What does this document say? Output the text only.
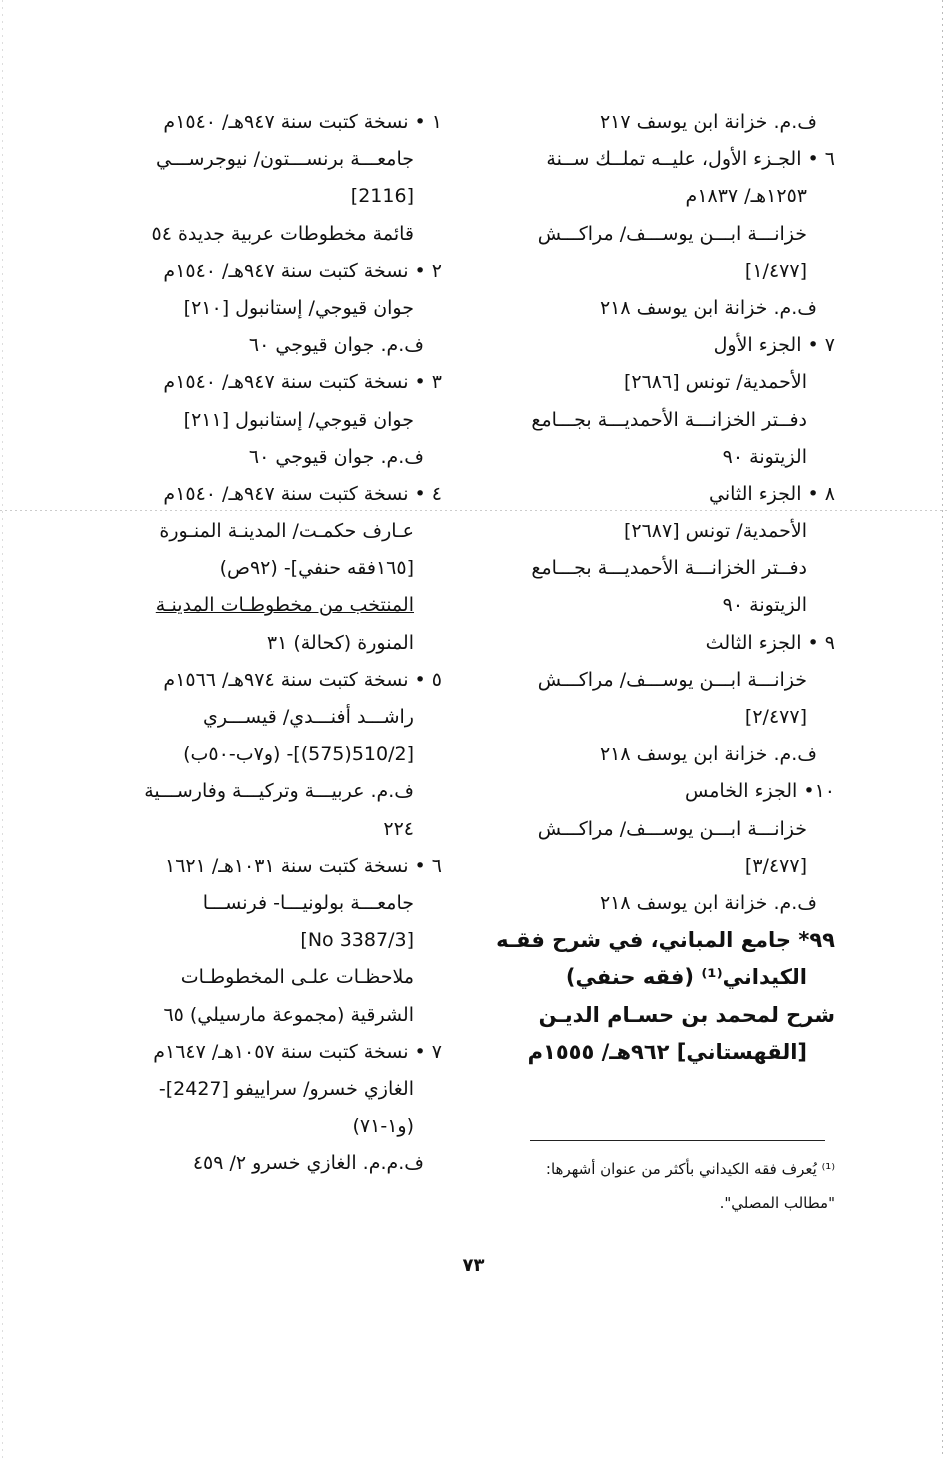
ف.م. خزانة ابن يوسف ٢١٧
٦ • الجـزء الأول، عليــه تملــك ســنة
١٢٥٣هـ/ ١٨٣٧م
خزانـــة ابـــن يوســـف/ مراكـــش
[١/٤٧٧]
ف.م. خزانة ابن يوسف ٢١٨
٧ • الجزء الأول
الأحمدية/ تونس [٢٦٨٦]
دفــتر الخزانـــة الأحمديـــة بجـــامع
الزيتونة ٩٠
٨ • الجزء الثاني
الأحمدية/ تونس [٢٦٨٧]
دفــتر الخزانـــة الأحمديـــة بجـــامع
الزيتونة ٩٠
٩ • الجزء الثالث
خزانـــة ابـــن يوســـف/ مراكـــش
[٢/٤٧٧]
ف.م. خزانة ابن يوسف ٢١٨
١٠• الجزء الخامس
خزانـــة ابـــن يوســـف/ مراكـــش
[٣/٤٧٧]
ف.م. خزانة ابن يوسف ٢١٨
٩٩* جامع المباني، في شرح فقـه
الكيداني⁽¹⁾ (فقه حنفي)
شرح لمحمد بن حسـام الديـن
[القهستاني] ٩٦٢هـ/ ١٥٥٥م
١ • نسخة كتبت سنة ٩٤٧هـ/ ١٥٤٠م
جامعـــة برنســـتون/ نيوجرســـي
[2116]
قائمة مخطوطات عربية جديدة ٥٤
٢ • نسخة كتبت سنة ٩٤٧هـ/ ١٥٤٠م
جوان قيوجي/ إستانبول [٢١٠]
ف.م. جوان قيوجي ٦٠
٣ • نسخة كتبت سنة ٩٤٧هـ/ ١٥٤٠م
جوان قيوجي/ إستانبول [٢١١]
ف.م. جوان قيوجي ٦٠
٤ • نسخة كتبت سنة ٩٤٧هـ/ ١٥٤٠م
عـارف حكمـت/ المدينـة المنـورة
[١٦٥فقه حنفي]- (٩٢ص)
المنتخب من مخطوطـات المدينـة
المنورة (كحالة) ٣١
٥ • نسخة كتبت سنة ٩٧٤هـ/ ١٥٦٦م
راشـــد أفنـــدي/ قيســـري
[510/2(575)]- (و٧ب-٥٠ب)
ف.م. عربيـــة وتركيـــة وفارســـية
٢٢٤
٦ • نسخة كتبت سنة ١٠٣١هـ/ ١٦٢١
جامعـــة بولونيـــا- فرنســـا
[No 3387/3]
ملاحظـات علـى المخطوطـات
الشرقية (مجموعة مارسيلي) ٦٥
٧ • نسخة كتبت سنة ١٠٥٧هـ/ ١٦٤٧م
الغازي خسرو/ سراييفو [2427]-
(و١-٧١)
ف.م.م. الغازي خسرو ٢/ ٤٥٩	⁽¹⁾ يُعرف فقه الكيداني بأكثر من عنوان أشهرها:
"مطالب المصلي".
٧٣
